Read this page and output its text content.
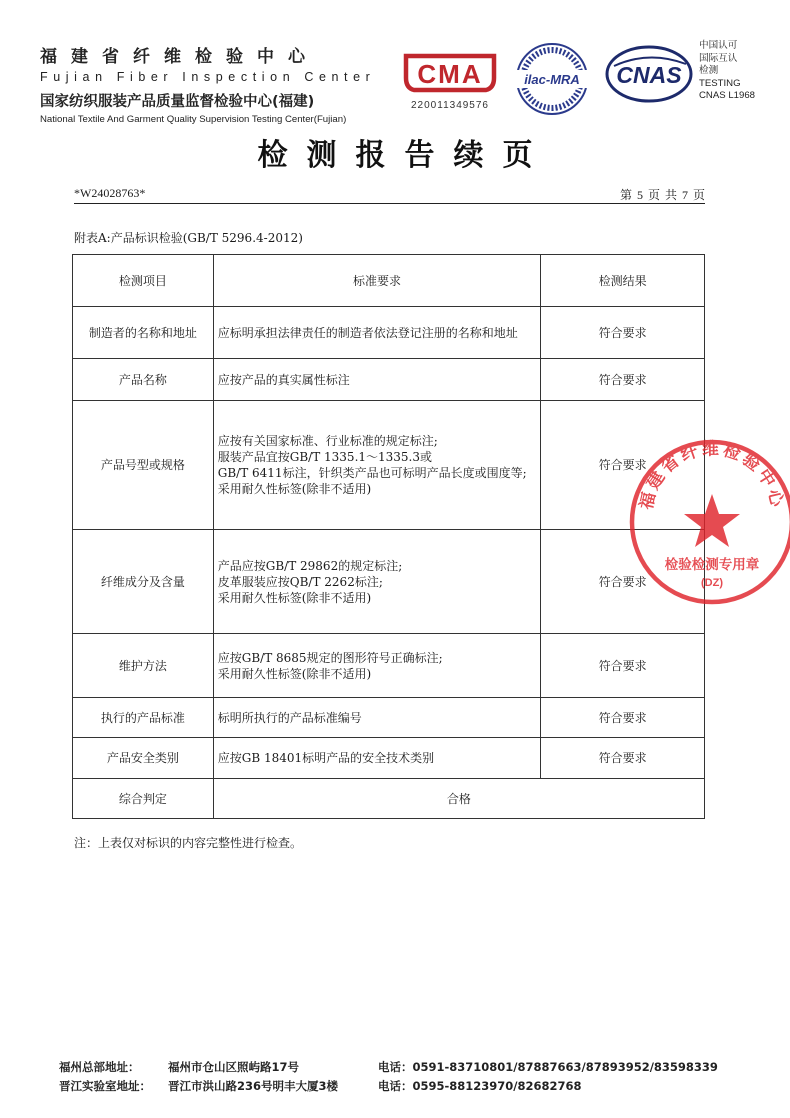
福建省纤维检验中心
Fujian Fiber Inspection Center
国家纺织服装产品质量监督检验中心(福建)
National Textile And Garment Quality Supervision Testing Center(Fujian)
CMA
220011349576
ilac-MRA CNAS
中国认可
国际互认
检测
TESTING
CNAS L1968
检测报告续页
*W24028763*	第 5 页 共 7 页
附表A:产品标识检验(GB/T 5296.4-2012)
检测项目	标准要求	检测结果
制造者的名称和地址	应标明承担法律责任的制造者依法登记注册的名称和地址	符合要求
产品名称	应按产品的真实属性标注	符合要求
产品号型或规格	应按有关国家标准、行业标准的规定标注;
服装产品宜按GB/T 1335.1～1335.3或
GB/T 6411标注，针织类产品也可标明产品长度或围度等;
采用耐久性标签(除非不适用)	符合要求
纤维成分及含量	产品应按GB/T 29862的规定标注;
皮革服装应按QB/T 2262标注;
采用耐久性标签(除非不适用)	符合要求
维护方法	应按GB/T 8685规定的图形符号正确标注;
采用耐久性标签(除非不适用)	符合要求
执行的产品标准	标明所执行的产品标准编号	符合要求
产品安全类别	应按GB 18401标明产品的安全技术类别	符合要求
综合判定	合格	
注：上表仅对标识的内容完整性进行检查。
福建省纤维检验中心
检验检测专用章
(DZ)
福州总部地址： 福州市仓山区照屿路17号	电话：0591-83710801/87887663/87893952/83598339
晋江实验室地址： 晋江市洪山路236号明丰大厦3楼	电话：0595-88123970/82682768
